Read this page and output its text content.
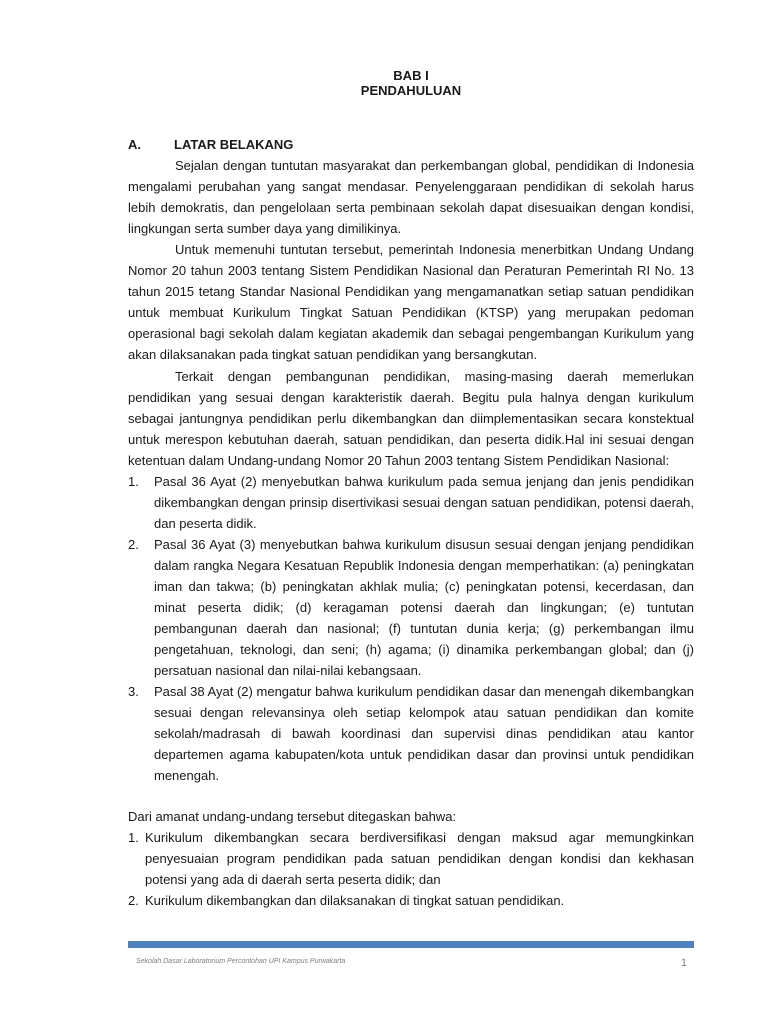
BAB I
PENDAHULUAN
A.	LATAR BELAKANG

Sejalan dengan tuntutan masyarakat dan perkembangan global, pendidikan di Indonesia mengalami perubahan yang sangat mendasar. Penyelenggaraan pendidikan di sekolah harus lebih demokratis, dan pengelolaan serta pembinaan sekolah dapat disesuaikan dengan kondisi, lingkungan serta sumber daya yang dimilikinya.

Untuk memenuhi tuntutan tersebut, pemerintah Indonesia menerbitkan Undang Undang Nomor 20 tahun 2003 tentang Sistem Pendidikan Nasional dan Peraturan Pemerintah RI No. 13 tahun 2015 tetang Standar Nasional Pendidikan yang mengamanatkan setiap satuan pendidikan untuk membuat Kurikulum Tingkat Satuan Pendidikan (KTSP) yang merupakan pedoman operasional bagi sekolah dalam kegiatan akademik dan sebagai pengembangan Kurikulum yang akan dilaksanakan pada tingkat satuan pendidikan yang bersangkutan.

Terkait dengan pembangunan pendidikan, masing-masing daerah memerlukan pendidikan yang sesuai dengan karakteristik daerah. Begitu pula halnya dengan kurikulum sebagai jantungnya pendidikan perlu dikembangkan dan diimplementasikan secara konstektual untuk merespon kebutuhan daerah, satuan pendidikan, dan peserta didik.Hal ini sesuai dengan ketentuan dalam Undang-undang Nomor 20 Tahun 2003 tentang Sistem Pendidikan Nasional:

1. Pasal 36 Ayat (2) menyebutkan bahwa kurikulum pada semua jenjang dan jenis pendidikan dikembangkan dengan prinsip disertivikasi sesuai dengan satuan pendidikan, potensi daerah, dan peserta didik.
2. Pasal 36 Ayat (3) menyebutkan bahwa kurikulum disusun sesuai dengan jenjang pendidikan dalam rangka Negara Kesatuan Republik Indonesia dengan memperhatikan: (a) peningkatan iman dan takwa; (b) peningkatan akhlak mulia; (c) peningkatan potensi, kecerdasan, dan minat peserta didik; (d) keragaman potensi daerah dan lingkungan; (e) tuntutan pembangunan daerah dan nasional; (f) tuntutan dunia kerja; (g) perkembangan ilmu pengetahuan, teknologi, dan seni; (h) agama; (i) dinamika perkembangan global; dan (j) persatuan nasional dan nilai-nilai kebangsaan.
3. Pasal 38 Ayat (2) mengatur bahwa kurikulum pendidikan dasar dan menengah dikembangkan sesuai dengan relevansinya oleh setiap kelompok atau satuan pendidikan dan komite sekolah/madrasah di bawah koordinasi dan supervisi dinas pendidikan atau kantor departemen agama kabupaten/kota untuk pendidikan dasar dan provinsi untuk pendidikan menengah.

Dari amanat undang-undang tersebut ditegaskan bahwa:

1. Kurikulum dikembangkan secara berdiversifikasi dengan maksud agar memungkinkan penyesuaian program pendidikan pada satuan pendidikan dengan kondisi dan kekhasan potensi yang ada di daerah serta peserta didik; dan
2. Kurikulum dikembangkan dan dilaksanakan di tingkat satuan pendidikan.
Sekolah Dasar Laboratorium Percontohan UPI Kampus Purwakarta	1
